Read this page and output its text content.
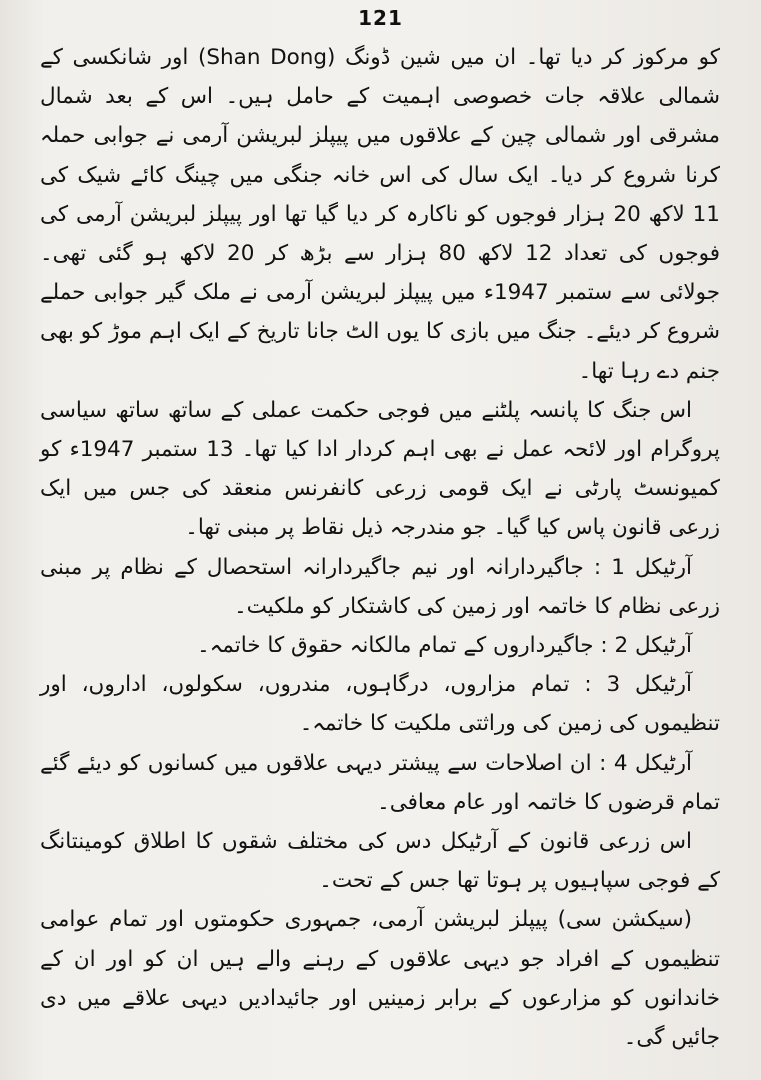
121

کو مرکوز کر دیا تھا۔ ان میں شین ڈونگ (Shan Dong) اور شانکسی کے شمالی علاقہ جات خصوصی اہمیت کے حامل ہیں۔ اس کے بعد شمال مشرقی اور شمالی چین کے علاقوں میں پیپلز لبریشن آرمی نے جوابی حملہ کرنا شروع کر دیا۔ ایک سال کی اس خانہ جنگی میں چینگ کائے شیک کی 11 لاکھ 20 ہزار فوجوں کو ناکارہ کر دیا گیا تھا اور پیپلز لبریشن آرمی کی فوجوں کی تعداد 12 لاکھ 80 ہزار سے بڑھ کر 20 لاکھ ہو گئی تھی۔ جولائی سے ستمبر 1947ء میں پیپلز لبریشن آرمی نے ملک گیر جوابی حملے شروع کر دیئے۔ جنگ میں بازی کا یوں الٹ جانا تاریخ کے ایک اہم موڑ کو بھی جنم دے رہا تھا۔

اس جنگ کا پانسہ پلٹنے میں فوجی حکمت عملی کے ساتھ ساتھ سیاسی پروگرام اور لائحہ عمل نے بھی اہم کردار ادا کیا تھا۔ 13 ستمبر 1947ء کو کمیونسٹ پارٹی نے ایک قومی زرعی کانفرنس منعقد کی جس میں ایک زرعی قانون پاس کیا گیا۔ جو مندرجہ ذیل نقاط پر مبنی تھا۔

آرٹیکل 1 : جاگیردارانہ اور نیم جاگیردارانہ استحصال کے نظام پر مبنی زرعی نظام کا خاتمہ اور زمین کی کاشتکار کو ملکیت۔

آرٹیکل 2 : جاگیرداروں کے تمام مالکانہ حقوق کا خاتمہ۔

آرٹیکل 3 : تمام مزاروں، درگاہوں، مندروں، سکولوں، اداروں، اور تنظیموں کی زمین کی وراثتی ملکیت کا خاتمہ۔

آرٹیکل 4 : ان اصلاحات سے پیشتر دیہی علاقوں میں کسانوں کو دیئے گئے تمام قرضوں کا خاتمہ اور عام معافی۔

اس زرعی قانون کے آرٹیکل دس کی مختلف شقوں کا اطلاق کومینتانگ کے فوجی سپاہیوں پر ہوتا تھا جس کے تحت۔

(سیکشن سی) پیپلز لبریشن آرمی، جمہوری حکومتوں اور تمام عوامی تنظیموں کے افراد جو دیہی علاقوں کے رہنے والے ہیں ان کو اور ان کے خاندانوں کو مزارعوں کے برابر زمینیں اور جائیدادیں دیہی علاقے میں دی جائیں گی۔
